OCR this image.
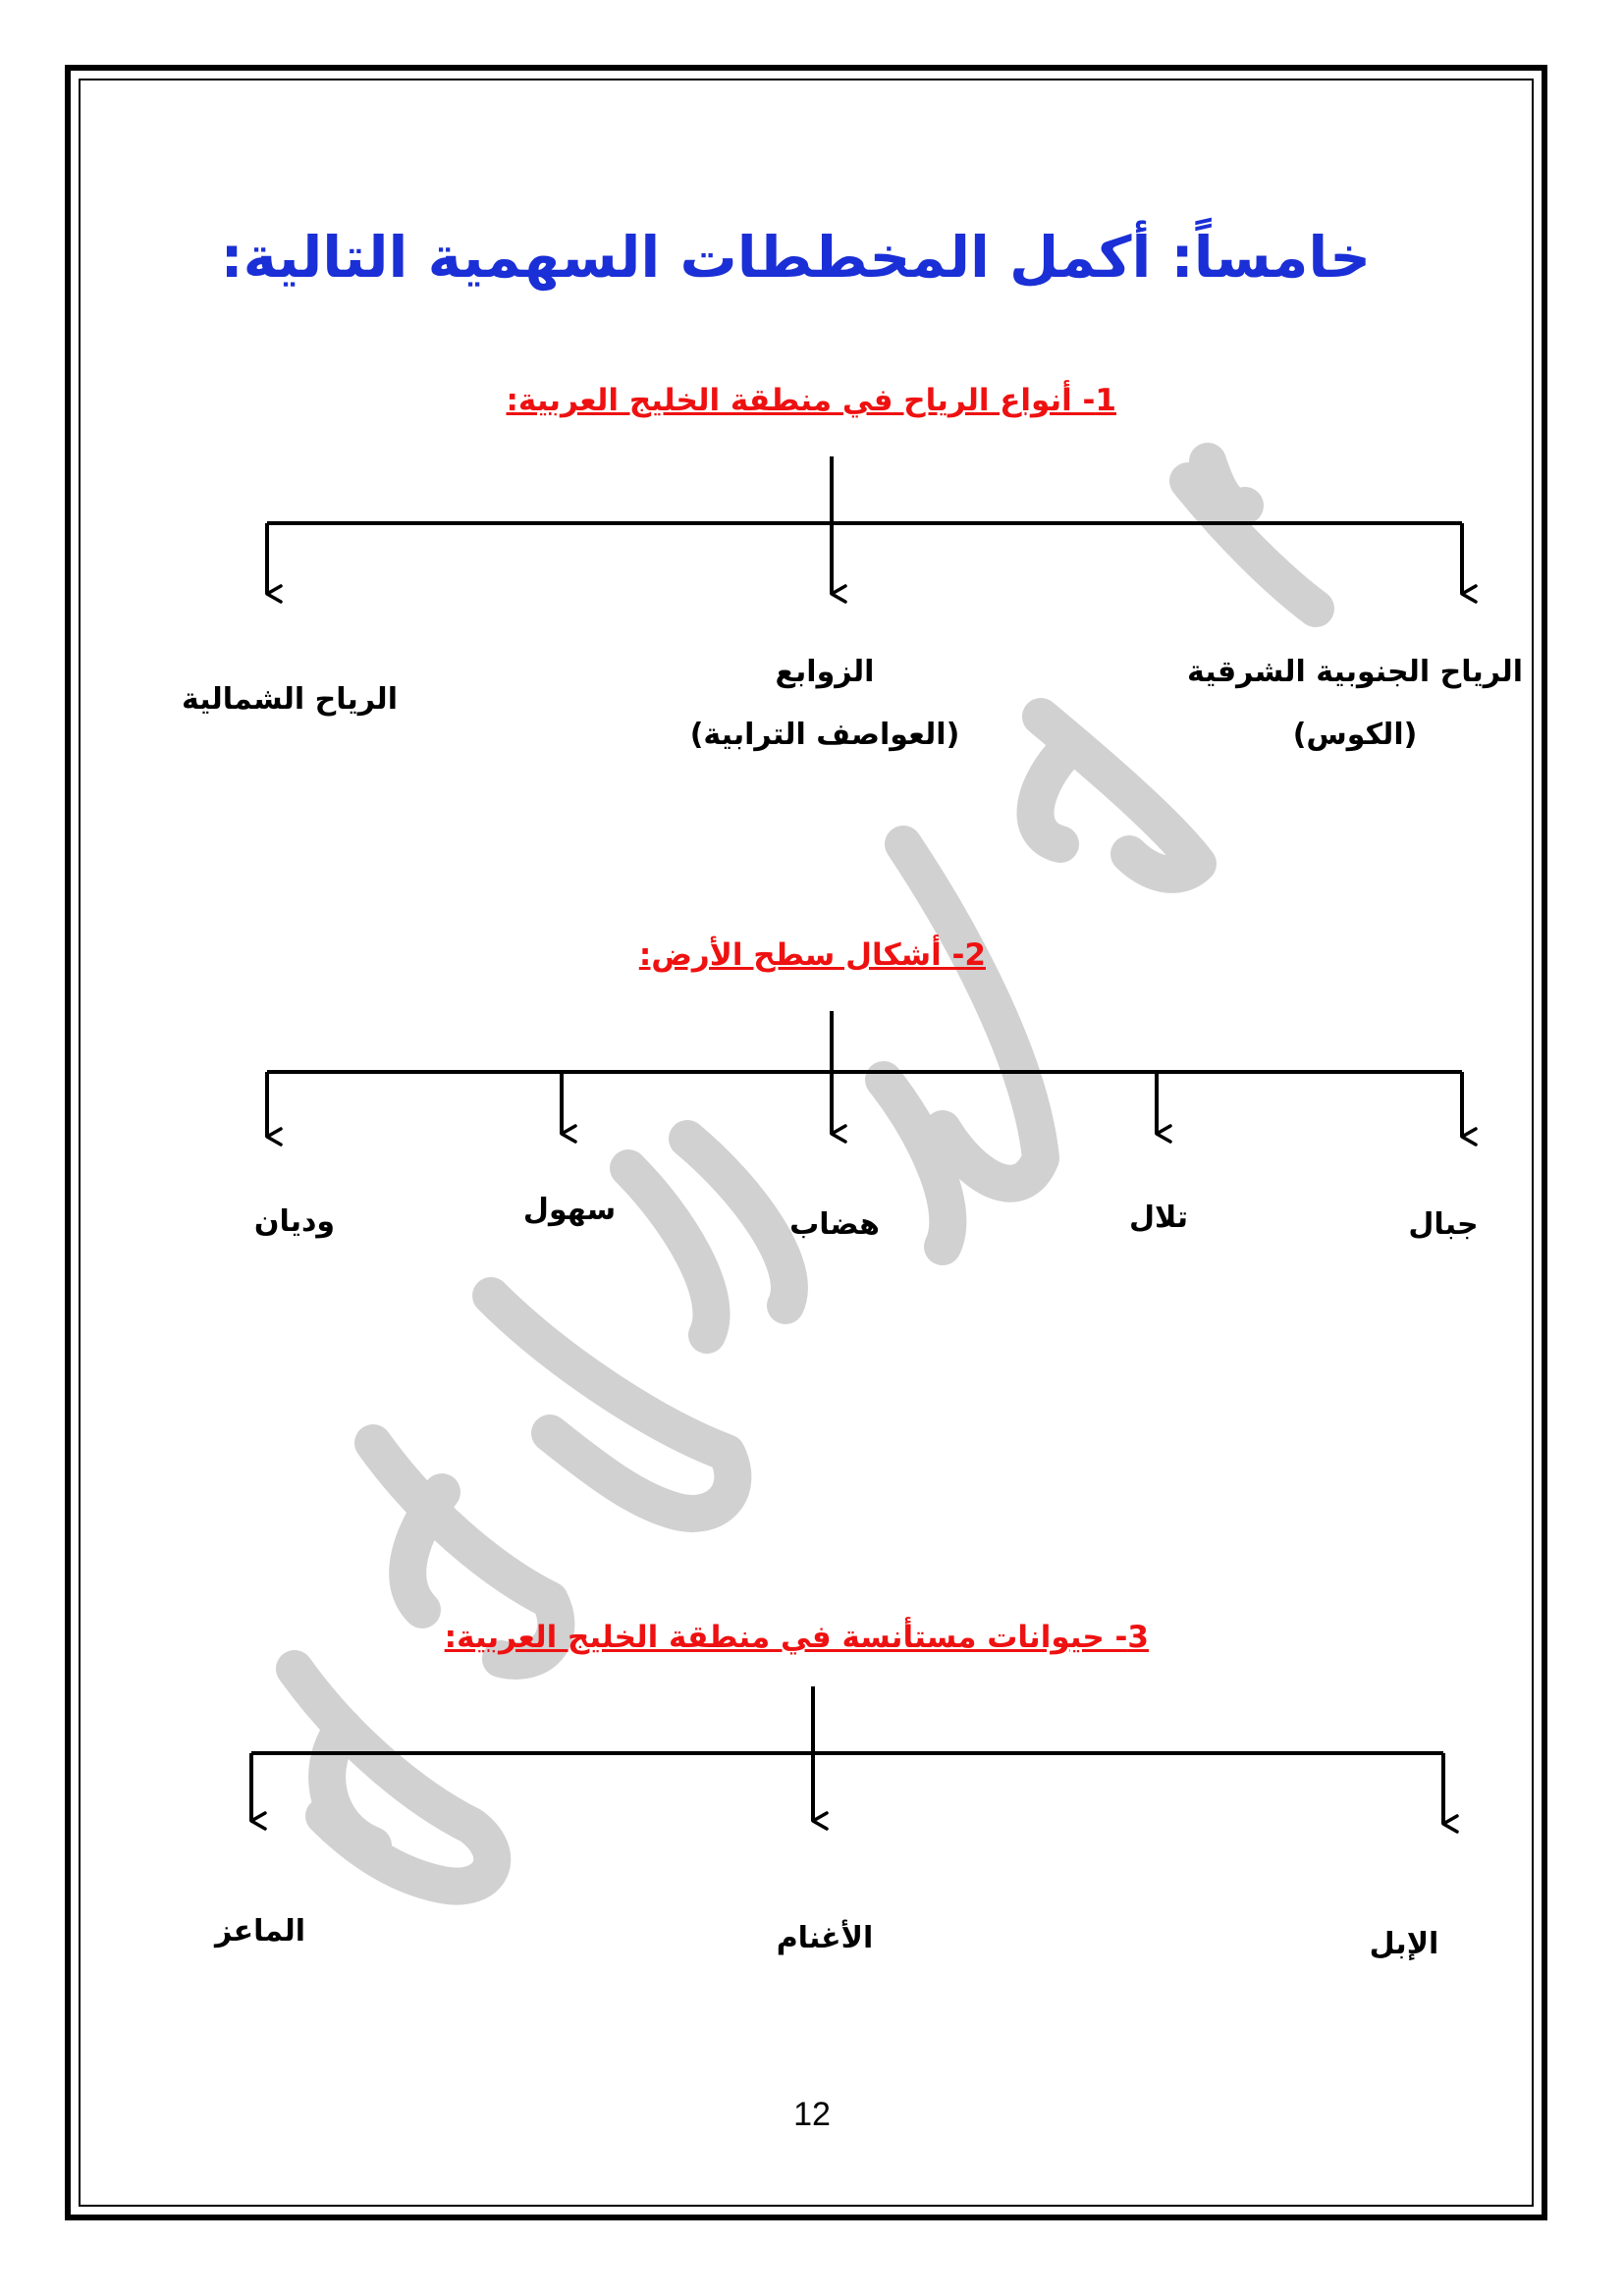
خامساً: أكمل المخططات السهمية التالية:
1- أنواع الرياح في منطقة الخليج العربية:
2- أشكال سطح الأرض:
3- حيوانات مستأنسة في منطقة الخليج العربية:
الرياح الجنوبية الشرقية
(الكوس)
الزوابع
(العواصف الترابية)
الرياح الشمالية
جبال
تلال
هضاب
سهول
وديان
الإبل
الأغنام
الماعز
12
